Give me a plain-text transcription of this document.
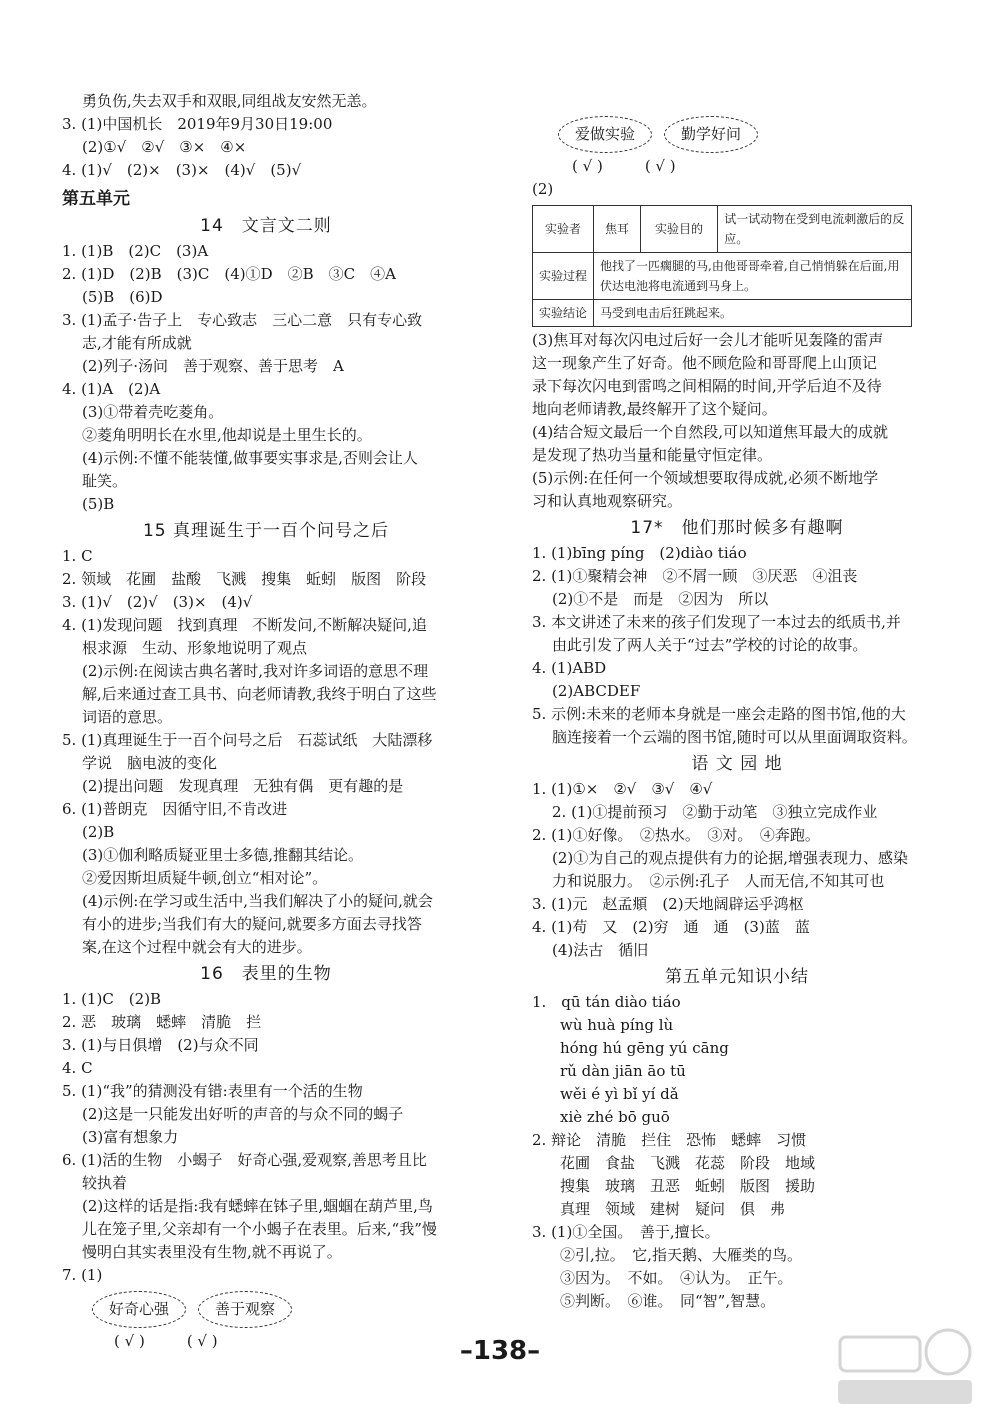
勇负伤,失去双手和双眼,同组战友安然无恙。
3. (1)中国机长　2019年9月30日19:00
(2)①√　②√　③×　④×
4. (1)√　(2)×　(3)×　(4)√　(5)√
第五单元
14　文言文二则
1. (1)B　(2)C　(3)A
2. (1)D　(2)B　(3)C　(4)①D　②B　③C　④A
(5)B　(6)D
3. (1)孟子·告子上　专心致志　三心二意　只有专心致
志,才能有所成就
(2)列子·汤问　善于观察、善于思考　A
4. (1)A　(2)A
(3)①带着壳吃菱角。
②菱角明明长在水里,他却说是土里生长的。
(4)示例:不懂不能装懂,做事要实事求是,否则会让人
耻笑。
(5)B
15 真理诞生于一百个问号之后
1. C
2. 领域　花圃　盐酸　飞溅　搜集　蚯蚓　版图　阶段
3. (1)√　(2)√　(3)×　(4)√
4. (1)发现问题　找到真理　不断发问,不断解决疑问,追
根求源　生动、形象地说明了观点
(2)示例:在阅读古典名著时,我对许多词语的意思不理
解,后来通过查工具书、向老师请教,我终于明白了这些
词语的意思。
5. (1)真理诞生于一百个问号之后　石蕊试纸　大陆漂移
学说　脑电波的变化
(2)提出问题　发现真理　无独有偶　更有趣的是
6. (1)普朗克　因循守旧,不肯改进
(2)B
(3)①伽利略质疑亚里士多德,推翻其结论。
②爱因斯坦质疑牛顿,创立“相对论”。
(4)示例:在学习或生活中,当我们解决了小的疑问,就会
有小的进步;当我们有大的疑问,就要多方面去寻找答
案,在这个过程中就会有大的进步。
16　表里的生物
1. (1)C　(2)B
2. 恶　玻璃　蟋蟀　清脆　拦
3. (1)与日俱增　(2)与众不同
4. C
5. (1)“我”的猜测没有错:表里有一个活的生物
(2)这是一只能发出好听的声音的与众不同的蝎子
(3)富有想象力
6. (1)活的生物　小蝎子　好奇心强,爱观察,善思考且比
较执着
(2)这样的话是指:我有蟋蟀在钵子里,蝈蝈在葫芦里,鸟
儿在笼子里,父亲却有一个小蝎子在表里。后来,“我”慢
慢明白其实表里没有生物,就不再说了。
7. (1)
好奇心强	善于观察
( √ )	( √ )
爱做实验	勤学好问
( √ )	( √ )
(2)
实验者	焦耳	实验目的	试一试动物在受到电流刺激后的反应。
实验过程	他找了一匹瘸腿的马,由他哥哥牵着,自己悄悄躲在后面,用伏达电池将电流通到马身上。		
实验结论	马受到电击后狂跳起来。		
(3)焦耳对每次闪电过后好一会儿才能听见轰隆的雷声
这一现象产生了好奇。他不顾危险和哥哥爬上山顶记
录下每次闪电到雷鸣之间相隔的时间,开学后迫不及待
地向老师请教,最终解开了这个疑问。
(4)结合短文最后一个自然段,可以知道焦耳最大的成就
是发现了热功当量和能量守恒定律。
(5)示例:在任何一个领域想要取得成就,必须不断地学
习和认真地观察研究。
17*　他们那时候多有趣啊
1. (1)bīng píng　(2)diào tiáo
2. (1)①聚精会神　②不屑一顾　③厌恶　④沮丧
(2)①不是　而是　②因为　所以
3. 本文讲述了未来的孩子们发现了一本过去的纸质书,并
由此引发了两人关于“过去”学校的讨论的故事。
4. (1)ABD
(2)ABCDEF
5. 示例:未来的老师本身就是一座会走路的图书馆,他的大
脑连接着一个云端的图书馆,随时可以从里面调取资料。
语 文 园 地
1. (1)①×　②√　③√　④√
2. (1)①提前预习　②勤于动笔　③独立完成作业
2. (1)①好像。　②热水。　③对。　④奔跑。
(2)①为自己的观点提供有力的论据,增强表现力、感染
力和说服力。　②示例:孔子　人而无信,不知其可也
3. (1)元　赵孟頫　(2)天地阔辟运乎鸿枢
4. (1)苟　又　(2)穷　通　通　(3)蓝　蓝
(4)法古　循旧
第五单元知识小结
1.　qū tán diào tiáo
wù huà píng lù
hóng hú gēng yú cāng
rǔ dàn jiān āo tū
wěi é yì bǐ yí dǎ
xiè zhé bō guō
2. 辩论　清脆　拦住　恐怖　蟋蟀　习惯
花圃　食盐　飞溅　花蕊　阶段　地域
搜集　玻璃　丑恶　蚯蚓　版图　援助
真理　领域　建树　疑问　俱　弗
3. (1)①全国。　善于,擅长。
②引,拉。　它,指天鹅、大雁类的鸟。
③因为。　不如。　④认为。　正午。
⑤判断。　⑥谁。　同“智”,智慧。
–138–
